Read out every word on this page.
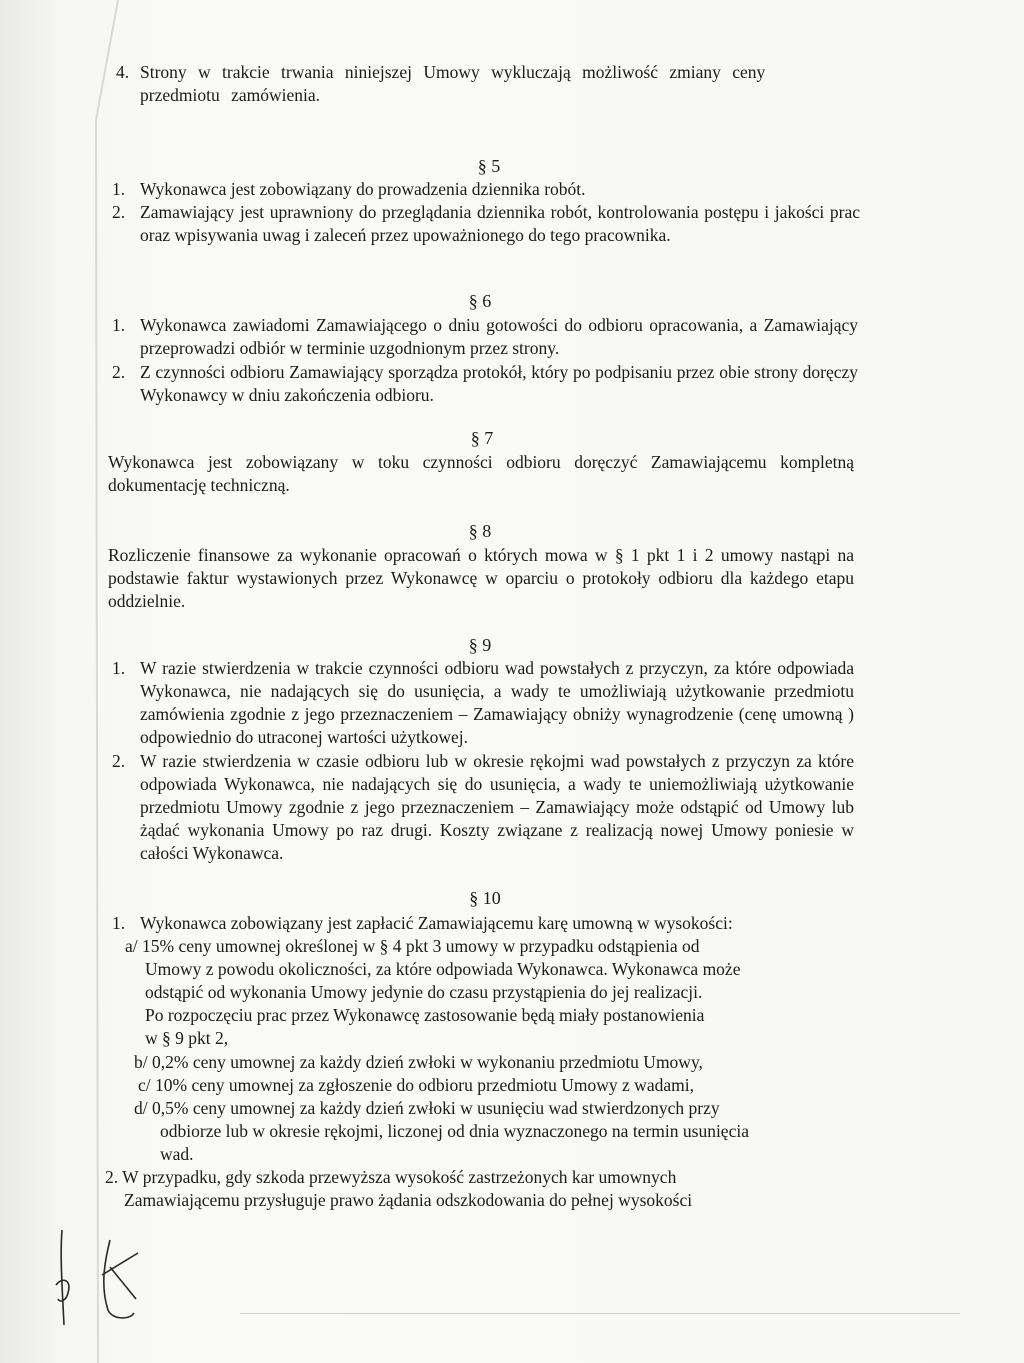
4. Strony w trakcie trwania niniejszej Umowy wykluczają możliwość zmiany ceny przedmiotu zamówienia.
§ 5
1. Wykonawca jest zobowiązany do prowadzenia dziennika robót.
2. Zamawiający jest uprawniony do przeglądania dziennika robót, kontrolowania postępu i jakości prac oraz wpisywania uwag i zaleceń przez upoważnionego do tego pracownika.
§ 6
1. Wykonawca zawiadomi Zamawiającego o dniu gotowości do odbioru opracowania, a Zamawiający przeprowadzi odbiór w terminie uzgodnionym przez strony.
2. Z czynności odbioru Zamawiający sporządza protokół, który po podpisaniu przez obie strony doręczy Wykonawcy w dniu zakończenia odbioru.
§ 7
Wykonawca jest zobowiązany w toku czynności odbioru doręczyć Zamawiającemu kompletną dokumentację techniczną.
§ 8
Rozliczenie finansowe za wykonanie opracowań o których mowa w § 1 pkt 1 i 2 umowy nastąpi na podstawie faktur wystawionych przez Wykonawcę w oparciu o protokoły odbioru dla każdego etapu oddzielnie.
§ 9
1. W razie stwierdzenia w trakcie czynności odbioru wad powstałych z przyczyn, za które odpowiada Wykonawca, nie nadających się do usunięcia, a wady te umożliwiają użytkowanie przedmiotu zamówienia zgodnie z jego przeznaczeniem – Zamawiający obniży wynagrodzenie (cenę umowną ) odpowiednio do utraconej wartości użytkowej.
2. W razie stwierdzenia w czasie odbioru lub w okresie rękojmi wad powstałych z przyczyn za które odpowiada Wykonawca, nie nadających się do usunięcia, a wady te uniemożliwiają użytkowanie przedmiotu Umowy zgodnie z jego przeznaczeniem – Zamawiający może odstąpić od Umowy lub żądać wykonania Umowy po raz drugi. Koszty związane z realizacją nowej Umowy poniesie w całości Wykonawca.
§ 10
1. Wykonawca zobowiązany jest zapłacić Zamawiającemu karę umowną w wysokości:
a/ 15% ceny umownej określonej w § 4 pkt 3 umowy w przypadku odstąpienia od
Umowy z powodu okoliczności, za które odpowiada Wykonawca. Wykonawca może
odstąpić od wykonania Umowy jedynie do czasu przystąpienia do jej realizacji.
Po rozpoczęciu prac przez Wykonawcę zastosowanie będą miały postanowienia
w § 9 pkt 2,
b/ 0,2% ceny umownej za każdy dzień zwłoki w wykonaniu przedmiotu Umowy,
c/ 10% ceny umownej za zgłoszenie do odbioru przedmiotu Umowy z wadami,
d/ 0,5% ceny umownej za każdy dzień zwłoki w usunięciu wad stwierdzonych przy
odbiorze lub w okresie rękojmi, liczonej od dnia wyznaczonego na termin usunięcia
wad.
2. W przypadku, gdy szkoda przewyższa wysokość zastrzeżonych kar umownych
Zamawiającemu przysługuje prawo żądania odszkodowania do pełnej wysokości
